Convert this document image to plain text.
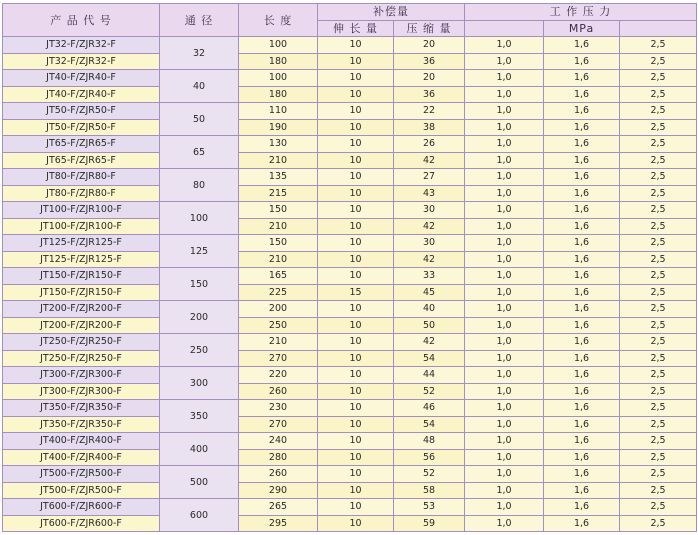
产 品 代 号	通 径	长 度	补偿量		工 作 压 力		
			伸 长 量	压 缩 量		MPa	
JT32-F/ZJR32-F	32	100	10	20	1,0	1,6	2,5
JT32-F/ZJR32-F		180	10	36	1,0	1,6	2,5
JT40-F/ZJR40-F	40	100	10	20	1,0	1,6	2,5
JT40-F/ZJR40-F		180	10	36	1,0	1,6	2,5
JT50-F/ZJR50-F	50	110	10	22	1,0	1,6	2,5
JT50-F/ZJR50-F		190	10	38	1,0	1,6	2,5
JT65-F/ZJR65-F	65	130	10	26	1,0	1,6	2,5
JT65-F/ZJR65-F		210	10	42	1,0	1,6	2,5
JT80-F/ZJR80-F	80	135	10	27	1,0	1,6	2,5
JT80-F/ZJR80-F		215	10	43	1,0	1,6	2,5
JT100-F/ZJR100-F	100	150	10	30	1,0	1,6	2,5
JT100-F/ZJR100-F		210	10	42	1,0	1,6	2,5
JT125-F/ZJR125-F	125	150	10	30	1,0	1,6	2,5
JT125-F/ZJR125-F		210	10	42	1,0	1,6	2,5
JT150-F/ZJR150-F	150	165	10	33	1,0	1,6	2,5
JT150-F/ZJR150-F		225	15	45	1,0	1,6	2,5
JT200-F/ZJR200-F	200	200	10	40	1,0	1,6	2,5
JT200-F/ZJR200-F		250	10	50	1,0	1,6	2,5
JT250-F/ZJR250-F	250	210	10	42	1,0	1,6	2,5
JT250-F/ZJR250-F		270	10	54	1,0	1,6	2,5
JT300-F/ZJR300-F	300	220	10	44	1,0	1,6	2,5
JT300-F/ZJR300-F		260	10	52	1,0	1,6	2,5
JT350-F/ZJR350-F	350	230	10	46	1,0	1,6	2,5
JT350-F/ZJR350-F		270	10	54	1,0	1,6	2,5
JT400-F/ZJR400-F	400	240	10	48	1,0	1,6	2,5
JT400-F/ZJR400-F		280	10	56	1,0	1,6	2,5
JT500-F/ZJR500-F	500	260	10	52	1,0	1,6	2,5
JT500-F/ZJR500-F		290	10	58	1,0	1,6	2,5
JT600-F/ZJR600-F	600	265	10	53	1,0	1,6	2,5
JT600-F/ZJR600-F		295	10	59	1,0	1,6	2,5
